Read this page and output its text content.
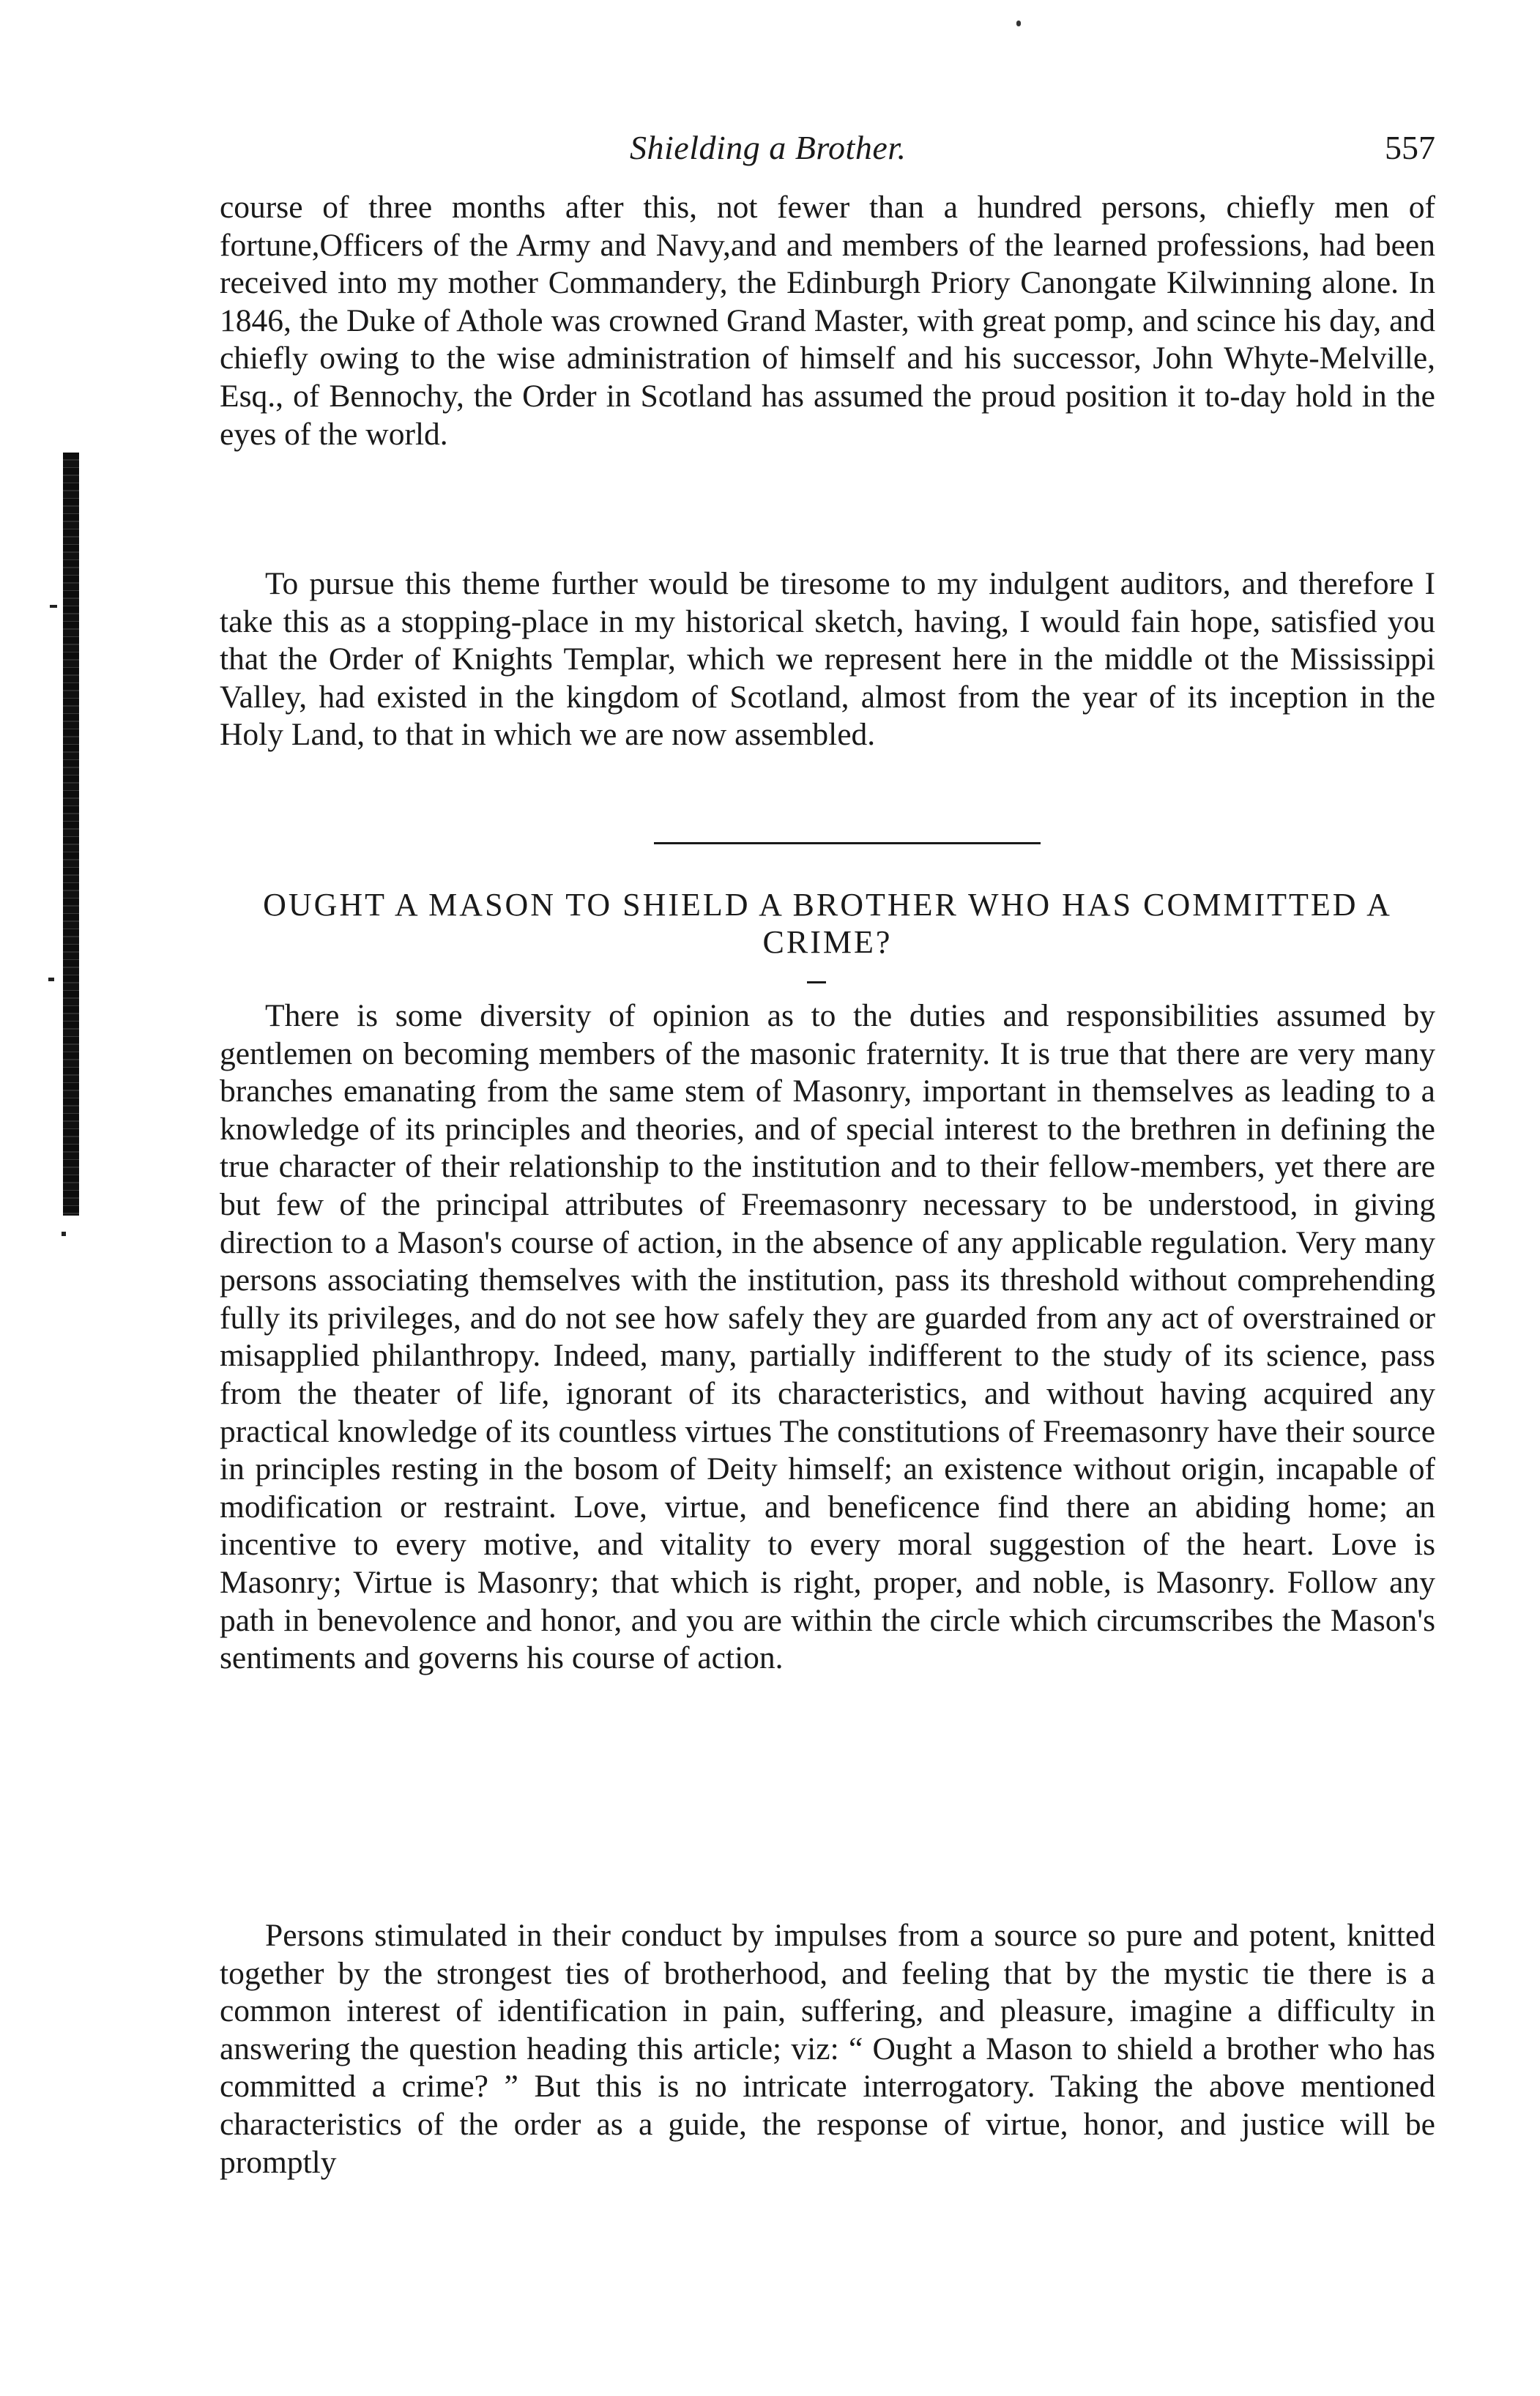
Shielding a Brother.	557

course of three months after this, not fewer than a hundred persons, chiefly men of fortune,Officers of the Army and Navy,and and members of the learned professions, had been received into my mother Commandery, the Edinburgh Priory Canongate Kilwinning alone. In 1846, the Duke of Athole was crowned Grand Master, with great pomp, and scince his day, and chiefly owing to the wise administration of himself and his successor, John Whyte-Melville, Esq., of Bennochy, the Order in Scotland has assumed the proud position it to-day hold in the eyes of the world.

To pursue this theme further would be tiresome to my indulgent auditors, and therefore I take this as a stopping-place in my historical sketch, having, I would fain hope, satisfied you that the Order of Knights Templar, which we represent here in the middle ot the Mississippi Valley, had existed in the kingdom of Scotland, almost from the year of its inception in the Holy Land, to that in which we are now assembled.

OUGHT A MASON TO SHIELD A BROTHER WHO HAS COMMITTED A CRIME?

There is some diversity of opinion as to the duties and responsibilities assumed by gentlemen on becoming members of the masonic fraternity. It is true that there are very many branches emanating from the same stem of Masonry, important in themselves as leading to a knowledge of its principles and theories, and of special interest to the brethren in defining the true character of their relationship to the institution and to their fellow-members, yet there are but few of the principal attributes of Freemasonry necessary to be understood, in giving direction to a Mason's course of action, in the absence of any applicable regulation. Very many persons associating themselves with the institution, pass its threshold without comprehending fully its privileges, and do not see how safely they are guarded from any act of overstrained or misapplied philanthropy. Indeed, many, partially indifferent to the study of its science, pass from the theater of life, ignorant of its characteristics, and without having acquired any practical knowledge of its countless virtues The constitutions of Freemasonry have their source in principles resting in the bosom of Deity himself; an existence without origin, incapable of modification or restraint. Love, virtue, and beneficence find there an abiding home; an incentive to every motive, and vitality to every moral suggestion of the heart. Love is Masonry; Virtue is Masonry; that which is right, proper, and noble, is Masonry. Follow any path in benevolence and honor, and you are within the circle which circumscribes the Mason's sentiments and governs his course of action.

Persons stimulated in their conduct by impulses from a source so pure and potent, knitted together by the strongest ties of brotherhood, and feeling that by the mystic tie there is a common interest of identification in pain, suffering, and pleasure, imagine a difficulty in answering the question heading this article; viz: “ Ought a Mason to shield a brother who has committed a crime? ” But this is no intricate interrogatory. Taking the above mentioned characteristics of the order as a guide, the response of virtue, honor, and justice will be promptly
